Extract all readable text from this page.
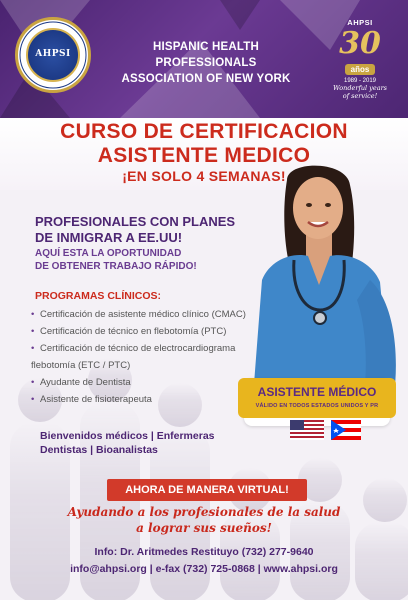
AHPSI
HISPANIC HEALTH PROFESSIONALS
ASSOCIATION OF NEW YORK
AHPSI
30
años
1989 - 2019
Wonderful years
of service!
CURSO DE CERTIFICACION
ASISTENTE MEDICO
¡EN SOLO 4 SEMANAS!
PROFESIONALES CON PLANES
DE INMIGRAR A EE.UU!
AQUÍ ESTA LA OPORTUNIDAD
DE OBTENER TRABAJO RÁPIDO!
PROGRAMAS CLÍNICOS:
• Certificación de asistente médico clínico (CMAC)
• Certificación de técnico en flebotomía (PTC)
• Certificación de técnico de electrocardiograma
flebotomía (ETC / PTC)
• Ayudante de Dentista
• Asistente de fisioterapeuta
ASISTENTE MÉDICO
VÁLIDO EN TODOS ESTADOS UNIDOS Y PR
Bienvenidos médicos | Enfermeras
Dentistas | Bioanalistas
AHORA DE MANERA VIRTUAL!
Ayudando a los profesionales de la salud
a lograr sus sueños!
Info: Dr. Aritmedes Restituyo (732) 277-9640
info@ahpsi.org | e-fax (732) 725-0868 | www.ahpsi.org
